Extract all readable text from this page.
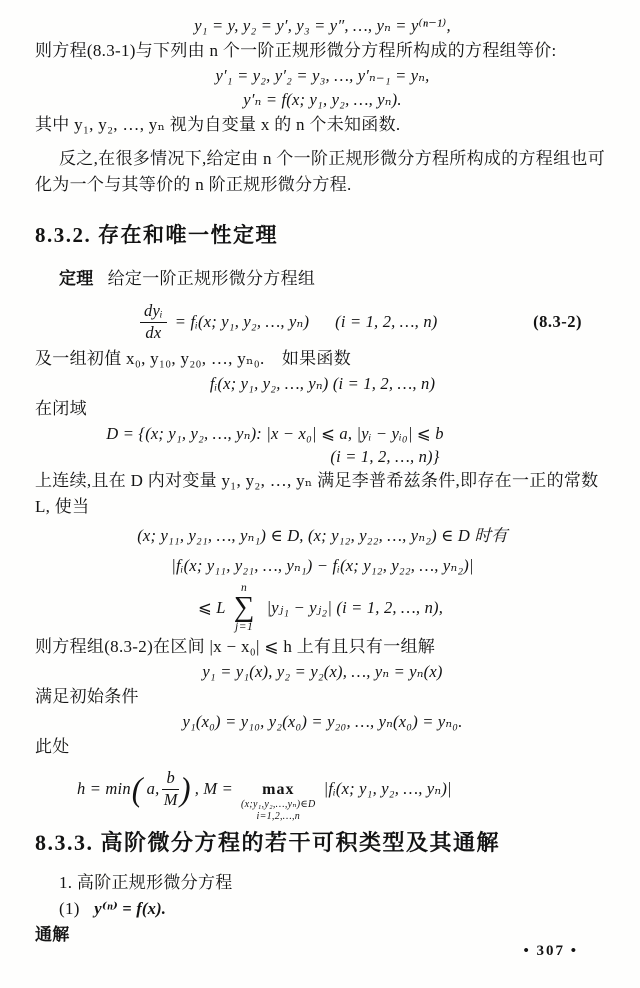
y₁ = y, y₂ = y′, y₃ = y″, …, yₙ = y⁽ⁿ⁻¹⁾,

则方程(8.3-1)与下列由 n 个一阶正规形微分方程所构成的方程组等价:

y′₁ = y₂, y′₂ = y₃, …, y′ₙ₋₁ = yₙ,
y′ₙ = f(x; y₁, y₂, …, yₙ).

其中 y₁, y₂, …, yₙ 视为自变量 x 的 n 个未知函数.

反之,在很多情况下,给定由 n 个一阶正规形微分方程所构成的方程组也可

化为一个与其等价的 n 阶正规形微分方程.

8.3.2. 存在和唯一性定理

定理 给定一阶正规形微分方程组

$\frac{\text{dyᵢ}}{dx}$ = fᵢ(x; y₁, y₂, …, yₙ) (i = 1, 2, …, n)	(8.3-2)

及一组初值 x₀, y₁₀, y₂₀, …, yₙ₀.　如果函数

fᵢ(x; y₁, y₂, …, yₙ) (i = 1, 2, …, n)

在闭域

D = {(x; y₁, y₂, …, yₙ): |x − x₀| ⩽ a, |yᵢ − yᵢ₀| ⩽ b
(i = 1, 2, …, n)}

上连续,且在 D 内对变量 y₁, y₂, …, yₙ 满足李普希兹条件,即存在一正的常数

L, 使当

(x; y₁₁, y₂₁, …, yₙ₁) ∈ D, (x; y₁₂, y₂₂, …, yₙ₂) ∈ D 时有
|fᵢ(x; y₁₁, y₂₁, …, yₙ₁) − fᵢ(x; y₁₂, y₂₂, …, yₙ₂)|
⩽ L
n
∑
j=1
|yⱼ₁ − yⱼ₂| (i = 1, 2, …, n),

则方程组(8.3-2)在区间 |x − x₀| ⩽ h 上有且只有一组解

y₁ = y₁(x), y₂ = y₂(x), …, yₙ = yₙ(x)

满足初始条件

y₁(x₀) = y₁₀, y₂(x₀) = y₂₀, …, yₙ(x₀) = yₙ₀.

此处

h = min ( a, $\frac{b}{M}$ ) , M = max
(x;y₁,y₂,…,yₙ)∈D
i=1,2,…,n
|fᵢ(x; y₁, y₂, …, yₙ)|
8.3.3. 高阶微分方程的若干可积类型及其通解

1. 高阶正规形微分方程

(1) y⁽ⁿ⁾ = f(x).

通解

• 307 •
